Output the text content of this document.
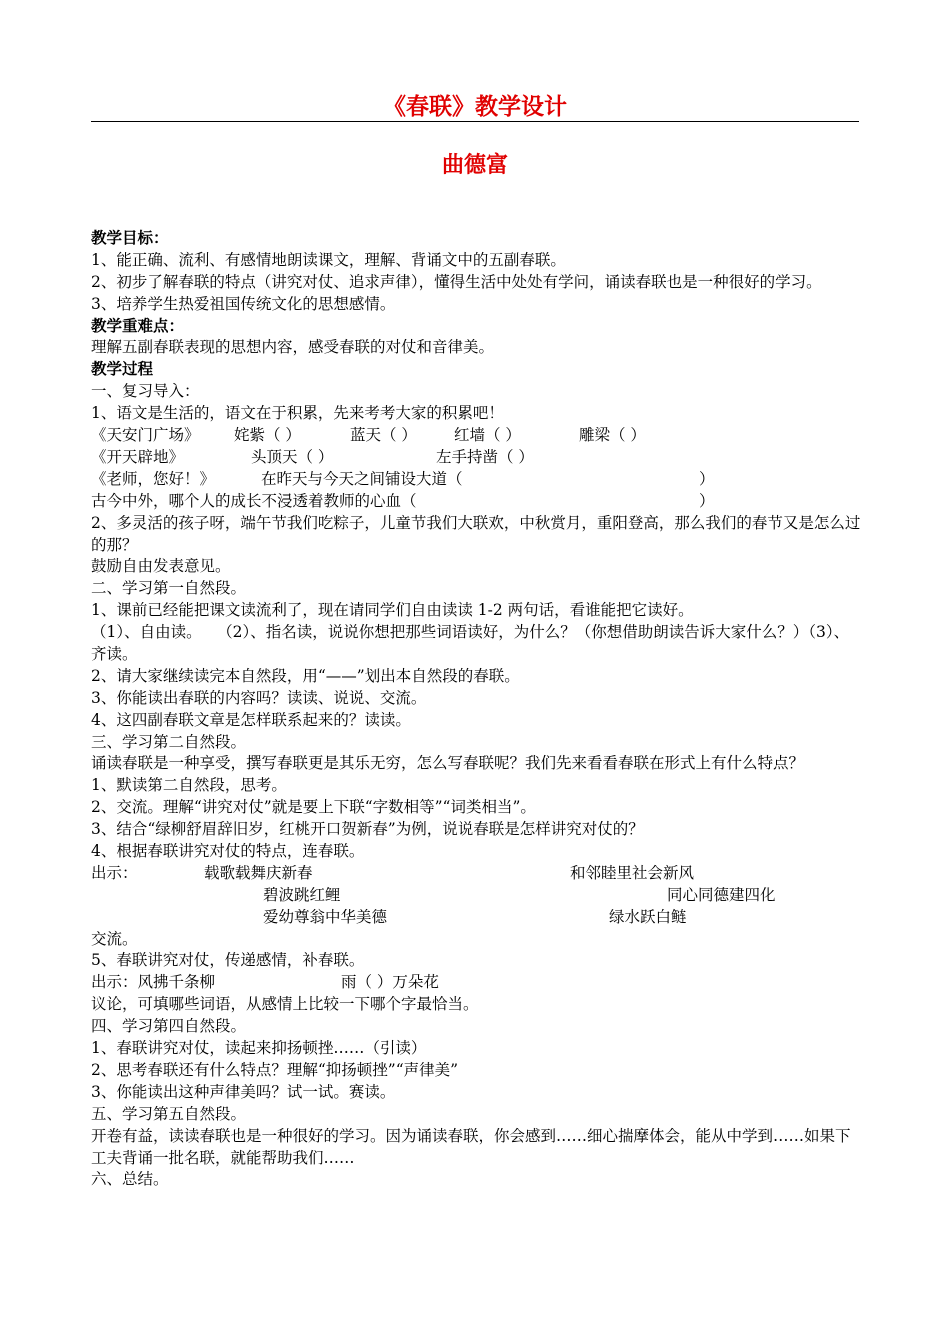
《春联》教学设计
曲德富
教学目标：
1、能正确、流利、有感情地朗读课文，理解、背诵文中的五副春联。
2、初步了解春联的特点（讲究对仗、追求声律），懂得生活中处处有学问，诵读春联也是一种很好的学习。
3、培养学生热爱祖国传统文化的思想感情。
教学重难点：
理解五副春联表现的思想内容，感受春联的对仗和音律美。
教学过程
一、复习导入：
1、语文是生活的，语文在于积累，先来考考大家的积累吧！
《天安门广场》 姹紫（ ）	蓝天（ ） 红墙（ ）	雕梁（ ）
《开天辟地》	头顶天（ ）	左手持凿（ ）
《老师，您好！》	在昨天与今天之间铺设大道（	）
古今中外，哪个人的成长不浸透着教师的心血（	）
2、多灵活的孩子呀，端午节我们吃粽子，儿童节我们大联欢，中秋赏月，重阳登高，那么我们的春节又是怎么过的那？
鼓励自由发表意见。
二、学习第一自然段。
1、课前已经能把课文读流利了，现在请同学们自由读读 1-2 两句话，看谁能把它读好。
（1）、自由读。　　（2）、指名读，说说你想把那些词语读好，为什么？（你想借助朗读告诉大家什么？）（3）、齐读。
2、请大家继续读完本自然段，用“——”划出本自然段的春联。
3、你能读出春联的内容吗？读读、说说、交流。
4、这四副春联文章是怎样联系起来的？读读。
三、学习第二自然段。
诵读春联是一种享受，撰写春联更是其乐无穷，怎么写春联呢？我们先来看看春联在形式上有什么特点？
1、默读第二自然段，思考。
2、交流。理解“讲究对仗”就是要上下联“字数相等”“词类相当”。
3、结合“绿柳舒眉辞旧岁，红桃开口贺新春”为例，说说春联是怎样讲究对仗的？
4、根据春联讲究对仗的特点，连春联。
出示：	载歌载舞庆新春	和邻睦里社会新风
碧波跳红鲤	同心同德建四化
爱幼尊翁中华美德	绿水跃白鲢
交流。
5、春联讲究对仗，传递感情，补春联。
出示：风拂千条柳	雨（ ）万朵花
议论，可填哪些词语，从感情上比较一下哪个字最恰当。
四、学习第四自然段。
1、春联讲究对仗，读起来抑扬顿挫……（引读）
2、思考春联还有什么特点？理解“抑扬顿挫”“声律美”
3、你能读出这种声律美吗？试一试。赛读。
五、学习第五自然段。
开卷有益，读读春联也是一种很好的学习。因为诵读春联，你会感到……细心揣摩体会，能从中学到……如果下工夫背诵一批名联，就能帮助我们……
六、总结。
